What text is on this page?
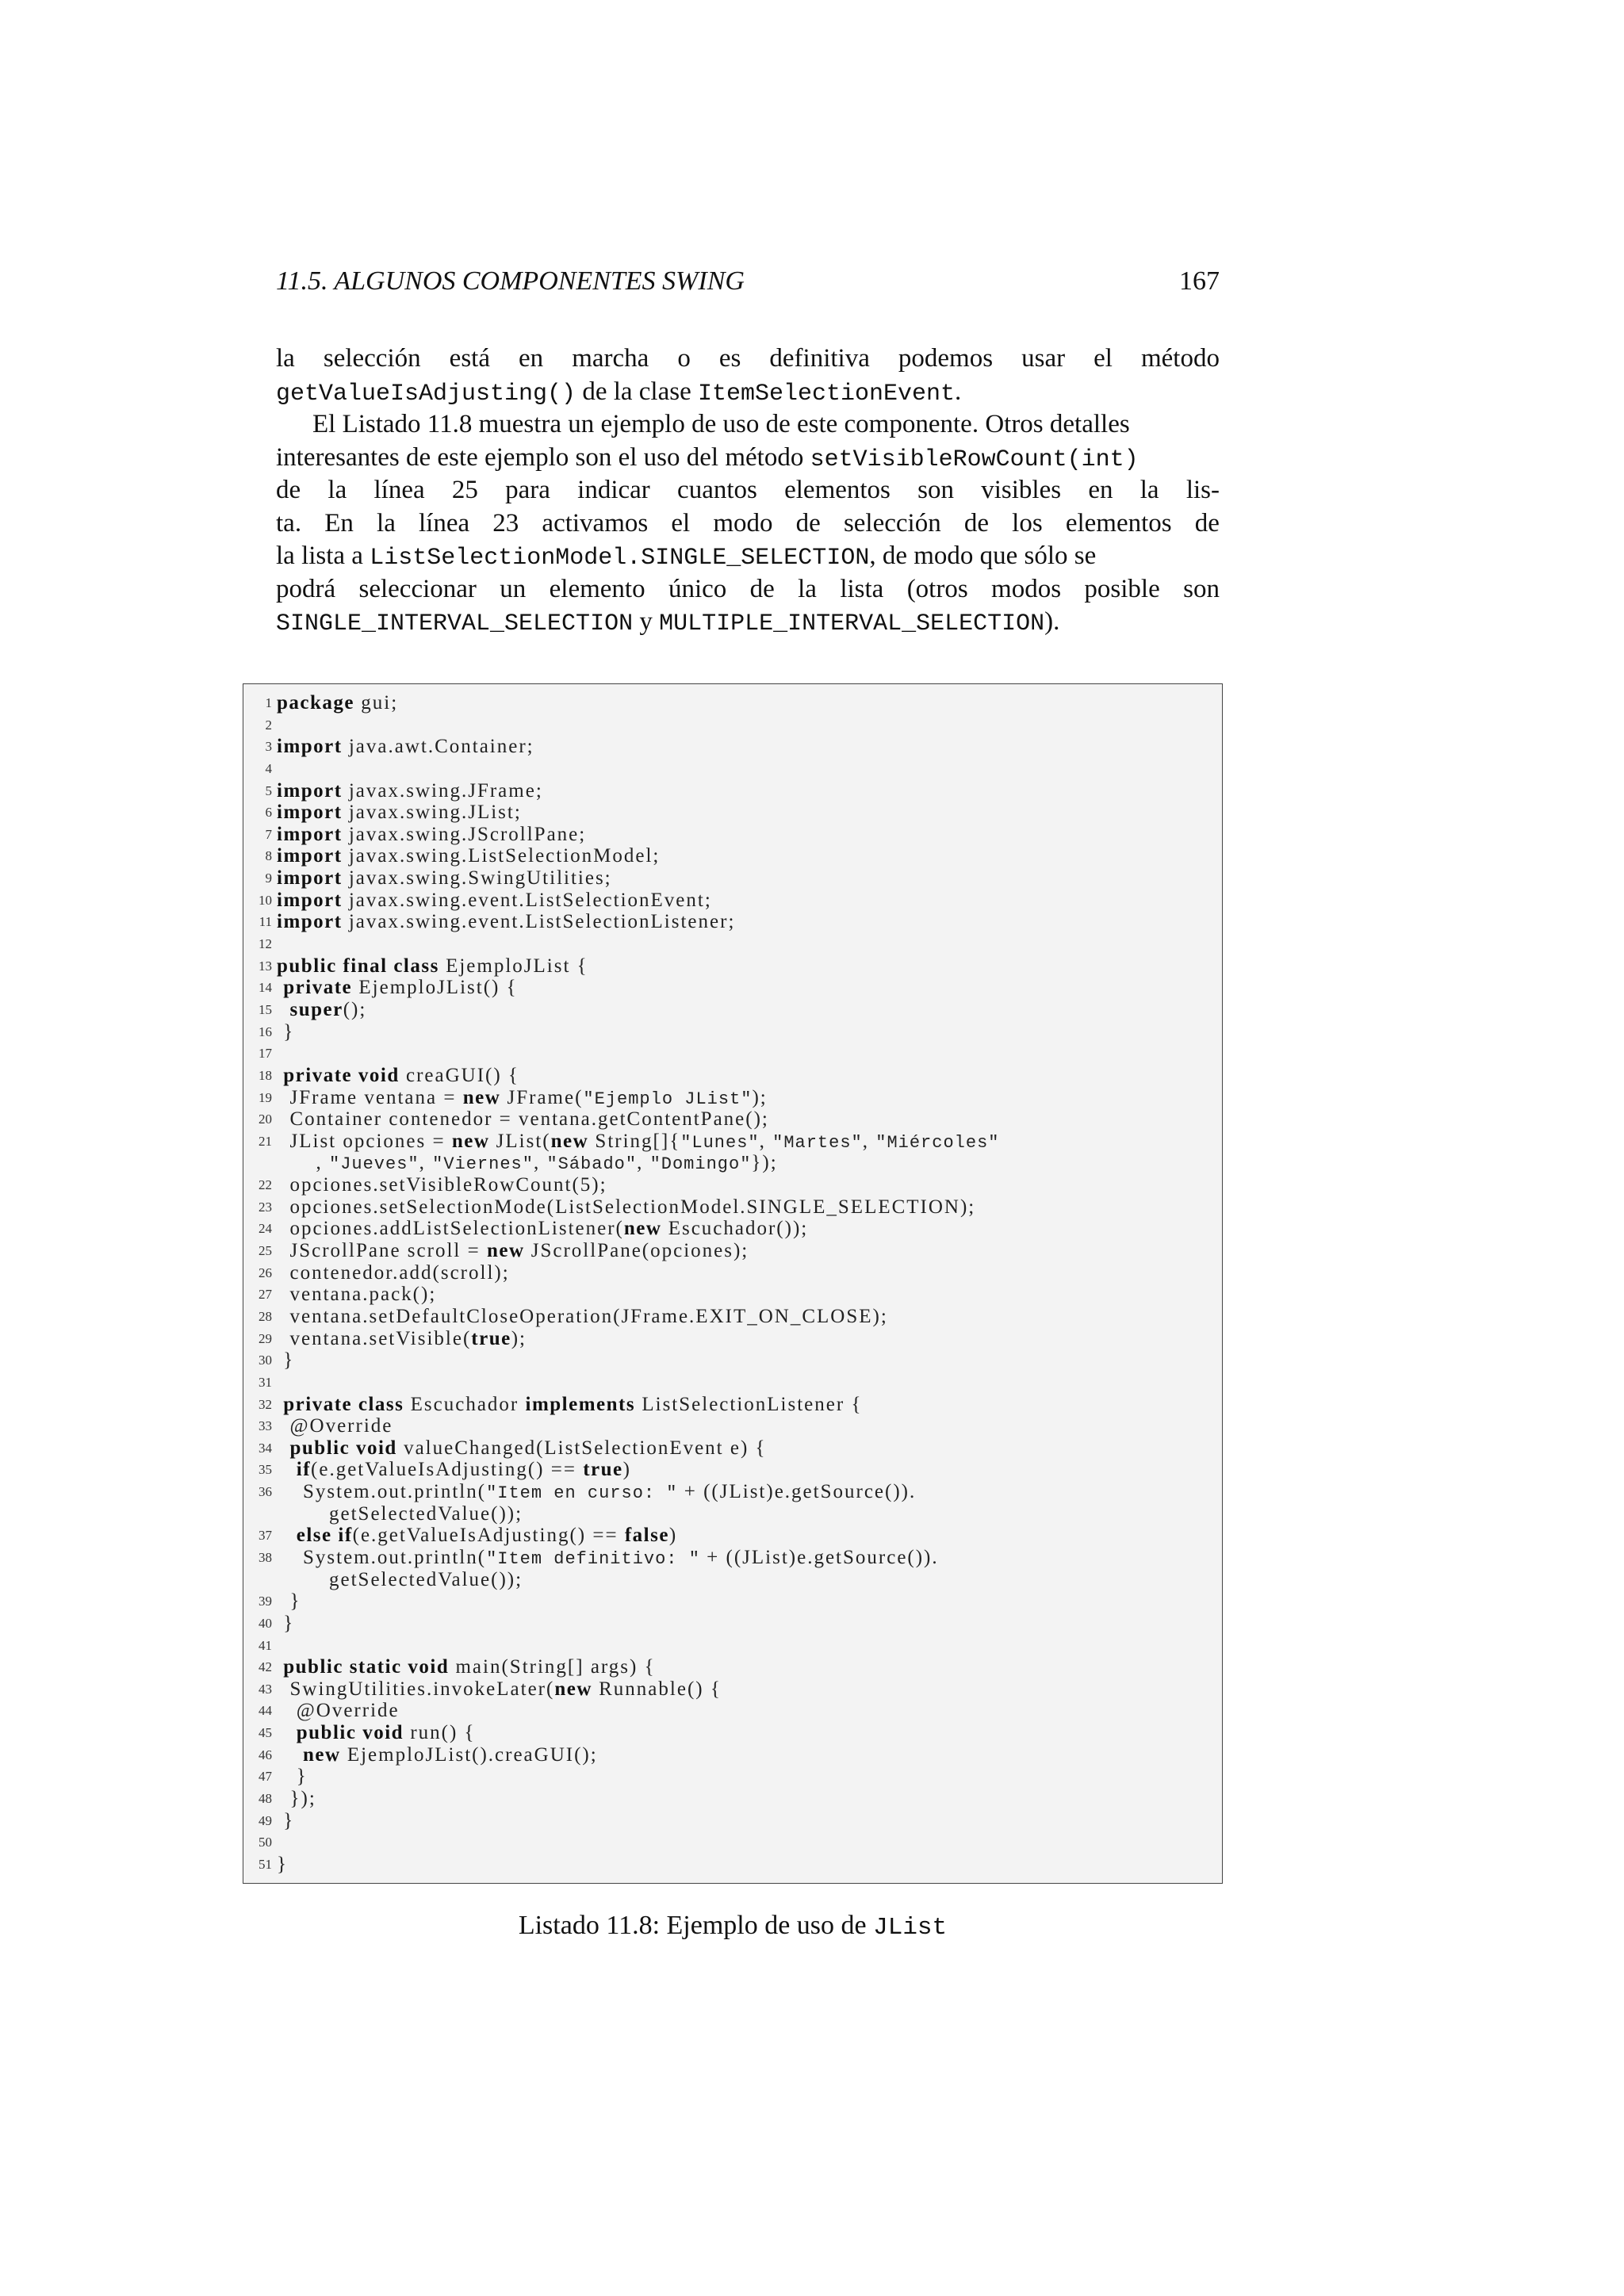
11.5. ALGUNOS COMPONENTES SWING	167
la selección está en marcha o es definitiva podemos usar el método
getValueIsAdjusting() de la clase ItemSelectionEvent.
El Listado 11.8 muestra un ejemplo de uso de este componente. Otros detalles
interesantes de este ejemplo son el uso del método setVisibleRowCount(int)
de la línea 25 para indicar cuantos elementos son visibles en la lis-
ta. En la línea 23 activamos el modo de selección de los elementos de
la lista a ListSelectionModel.SINGLE_SELECTION, de modo que sólo se
podrá seleccionar un elemento único de la lista (otros modos posible son
SINGLE_INTERVAL_SELECTION y MULTIPLE_INTERVAL_SELECTION).
1 package gui;
2
3 import java.awt.Container;
4
5 import javax.swing.JFrame;
6 import javax.swing.JList;
7 import javax.swing.JScrollPane;
8 import javax.swing.ListSelectionModel;
9 import javax.swing.SwingUtilities;
10 import javax.swing.event.ListSelectionEvent;
11 import javax.swing.event.ListSelectionListener;
12
13 public final class EjemploJList {
14 private EjemploJList() {
15 super();
16 }
17
18 private void creaGUI() {
19 JFrame ventana = new JFrame("Ejemplo JList");
20 Container contenedor = ventana.getContentPane();
21 JList opciones = new JList(new String[]{"Lunes", "Martes", "Miércoles"
, "Jueves", "Viernes", "Sábado", "Domingo"});
22 opciones.setVisibleRowCount(5);
23 opciones.setSelectionMode(ListSelectionModel.SINGLE_SELECTION);
24 opciones.addListSelectionListener(new Escuchador());
25 JScrollPane scroll = new JScrollPane(opciones);
26 contenedor.add(scroll);
27 ventana.pack();
28 ventana.setDefaultCloseOperation(JFrame.EXIT_ON_CLOSE);
29 ventana.setVisible(true);
30 }
31
32 private class Escuchador implements ListSelectionListener {
33 @Override
34 public void valueChanged(ListSelectionEvent e) {
35	if(e.getValueIsAdjusting() == true)
36 System.out.println("Item en curso: " + ((JList)e.getSource()).
getSelectedValue());
37	else if(e.getValueIsAdjusting() == false)
38 System.out.println("Item definitivo: " + ((JList)e.getSource()).
getSelectedValue());
39 }
40 }
41
42 public static void main(String[] args) {
43 SwingUtilities.invokeLater(new Runnable() {
44 @Override
45	public void run() {
46	new EjemploJList().creaGUI();
47 }
48 });
49 }
50
51 }
Listado 11.8: Ejemplo de uso de JList
